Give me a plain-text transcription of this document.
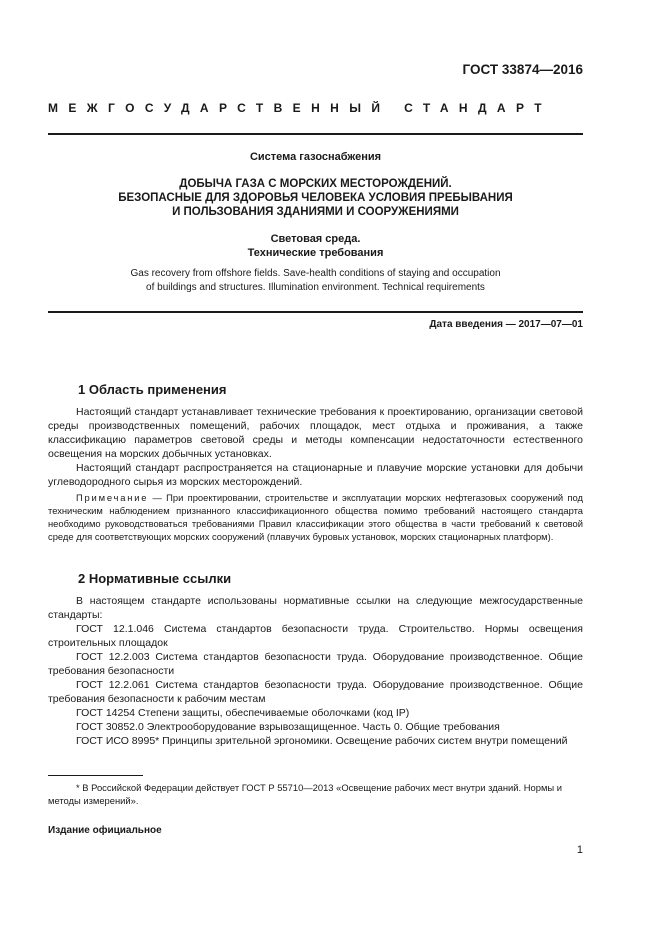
ГОСТ 33874—2016
МЕЖГОСУДАРСТВЕННЫЙ СТАНДАРТ
Система газоснабжения
ДОБЫЧА ГАЗА С МОРСКИХ МЕСТОРОЖДЕНИЙ.
БЕЗОПАСНЫЕ ДЛЯ ЗДОРОВЬЯ ЧЕЛОВЕКА УСЛОВИЯ ПРЕБЫВАНИЯ
И ПОЛЬЗОВАНИЯ ЗДАНИЯМИ И СООРУЖЕНИЯМИ
Световая среда.
Технические требования
Gas recovery from offshore fields. Save-health conditions of staying and occupation
of buildings and structures. Illumination environment. Technical requirements
Дата введения — 2017—07—01
1 Область применения

Настоящий стандарт устанавливает технические требования к проектированию, организации световой среды производственных помещений, рабочих площадок, мест отдыха и проживания, а также классификацию параметров световой среды и методы компенсации недостаточности естественного освещения на морских добычных установках.

Настоящий стандарт распространяется на стационарные и плавучие морские установки для добычи углеводородного сырья из морских месторождений.

Примечание — При проектировании, строительстве и эксплуатации морских нефтегазовых сооружений под техническим наблюдением признанного классификационного общества помимо требований настоящего стандарта необходимо руководствоваться требованиями Правил классификации этого общества в части требований к световой среде для соответствующих морских сооружений (плавучих буровых установок, морских стационарных платформ).
2 Нормативные ссылки

В настоящем стандарте использованы нормативные ссылки на следующие межгосударственные стандарты:

ГОСТ 12.1.046 Система стандартов безопасности труда. Строительство. Нормы освещения строительных площадок

ГОСТ 12.2.003 Система стандартов безопасности труда. Оборудование производственное. Общие требования безопасности

ГОСТ 12.2.061 Система стандартов безопасности труда. Оборудование производственное. Общие требования безопасности к рабочим местам

ГОСТ 14254 Степени защиты, обеспечиваемые оболочками (код IP)

ГОСТ 30852.0 Электрооборудование взрывозащищенное. Часть 0. Общие требования

ГОСТ ИСО 8995* Принципы зрительной эргономики. Освещение рабочих систем внутри помещений

* В Российской Федерации действует ГОСТ Р 55710—2013 «Освещение рабочих мест внутри зданий. Нормы и методы измерений».
Издание официальное
1
